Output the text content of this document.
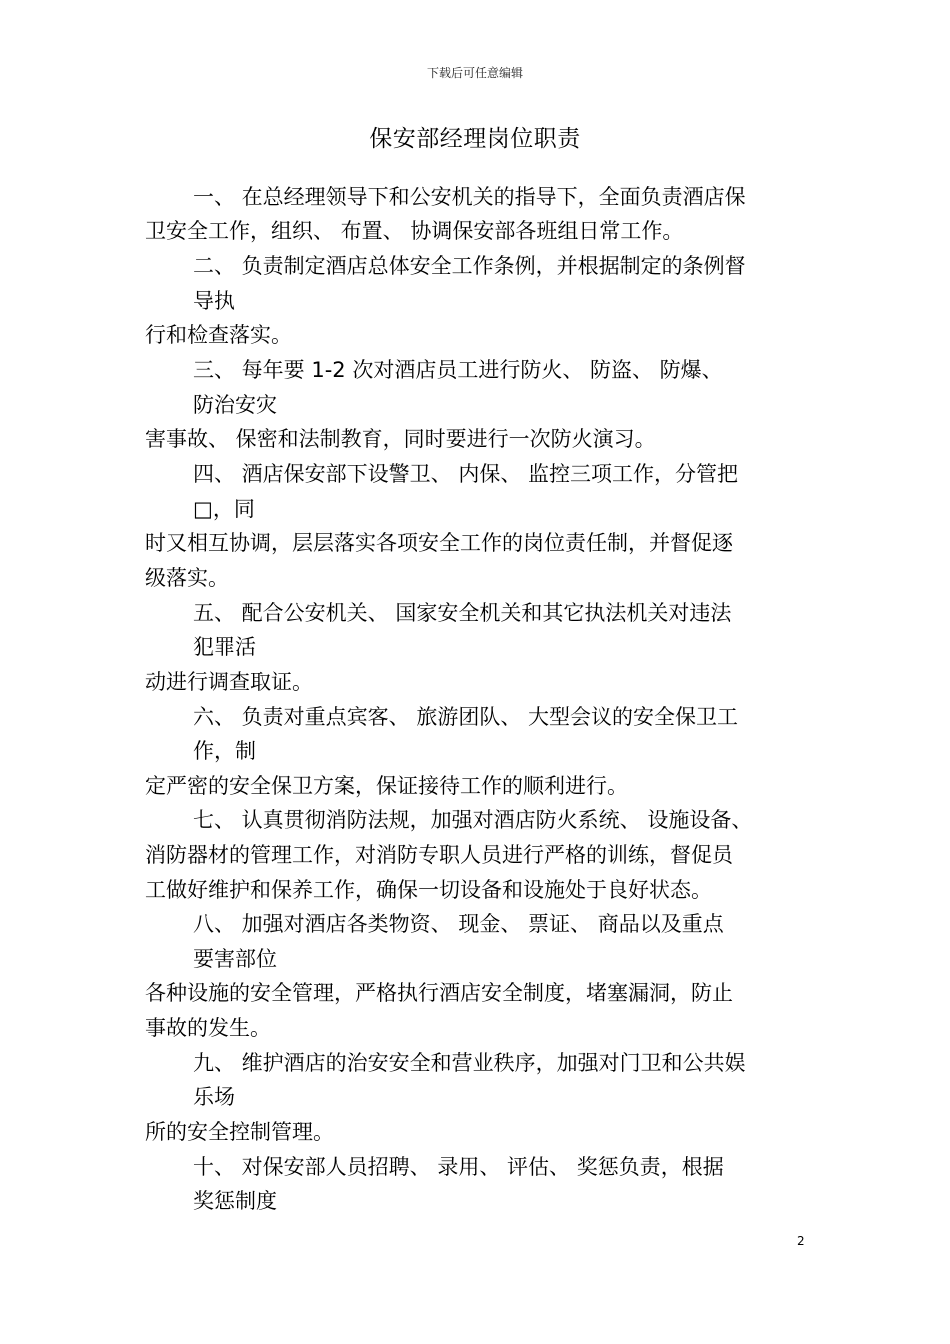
下载后可任意编辑
保安部经理岗位职责
一、 在总经理领导下和公安机关的指导下，全面负责酒店保
卫安全工作，组织、 布置、 协调保安部各班组日常工作。
二、 负责制定酒店总体安全工作条例，并根据制定的条例督
导执
行和检查落实。
三、 每年要 1-2 次对酒店员工进行防火、 防盗、 防爆、
防治安灾
害事故、 保密和法制教育，同时要进行一次防火演习。
四、 酒店保安部下设警卫、 内保、 监控三项工作，分管把
□，同
时又相互协调，层层落实各项安全工作的岗位责任制，并督促逐
级落实。
五、 配合公安机关、 国家安全机关和其它执法机关对违法
犯罪活
动进行调查取证。
六、 负责对重点宾客、 旅游团队、 大型会议的安全保卫工
作，制
定严密的安全保卫方案，保证接待工作的顺利进行。
七、 认真贯彻消防法规，加强对酒店防火系统、 设施设备、
消防器材的管理工作，对消防专职人员进行严格的训练，督促员
工做好维护和保养工作，确保一切设备和设施处于良好状态。
八、 加强对酒店各类物资、 现金、 票证、 商品以及重点
要害部位
各种设施的安全管理，严格执行酒店安全制度，堵塞漏洞，防止
事故的发生。
九、 维护酒店的治安安全和营业秩序，加强对门卫和公共娱
乐场
所的安全控制管理。
十、 对保安部人员招聘、 录用、 评估、 奖惩负责，根据
奖惩制度
2
